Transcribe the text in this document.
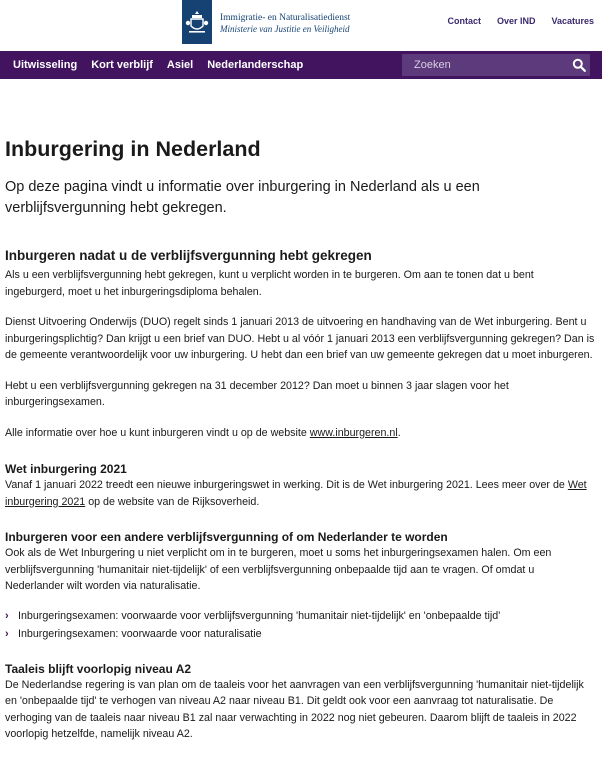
Immigratie- en Naturalisatiedienst
Ministerie van Justitie en Veiligheid
Contact Over IND Vacatures
Uitwisseling Kort verblijf Asiel Nederlanderschap
Zoeken
Inburgering in Nederland
Op deze pagina vindt u informatie over inburgering in Nederland als u een verblijfsvergunning hebt gekregen.
Inburgeren nadat u de verblijfsvergunning hebt gekregen

Als u een verblijfsvergunning hebt gekregen, kunt u verplicht worden in te burgeren. Om aan te tonen dat u bent ingeburgerd, moet u het inburgeringsdiploma behalen.

Dienst Uitvoering Onderwijs (DUO) regelt sinds 1 januari 2013 de uitvoering en handhaving van de Wet inburgering. Bent u inburgeringsplichtig? Dan krijgt u een brief van DUO. Hebt u al vóór 1 januari 2013 een verblijfsvergunning gekregen? Dan is de gemeente verantwoordelijk voor uw inburgering. U hebt dan een brief van uw gemeente gekregen dat u moet inburgeren.

Hebt u een verblijfsvergunning gekregen na 31 december 2012? Dan moet u binnen 3 jaar slagen voor het inburgeringsexamen.

Alle informatie over hoe u kunt inburgeren vindt u op de website www.inburgeren.nl.

Wet inburgering 2021

Vanaf 1 januari 2022 treedt een nieuwe inburgeringswet in werking. Dit is de Wet inburgering 2021. Lees meer over de Wet inburgering 2021 op de website van de Rijksoverheid.

Inburgeren voor een andere verblijfsvergunning of om Nederlander te worden

Ook als de Wet Inburgering u niet verplicht om in te burgeren, moet u soms het inburgeringsexamen halen. Om een verblijfsvergunning 'humanitair niet-tijdelijk' of een verblijfsvergunning onbepaalde tijd aan te vragen. Of omdat u Nederlander wilt worden via naturalisatie.

› Inburgeringsexamen: voorwaarde voor verblijfsvergunning 'humanitair niet-tijdelijk' en 'onbepaalde tijd'
› Inburgeringsexamen: voorwaarde voor naturalisatie
Taaleis blijft voorlopig niveau A2

De Nederlandse regering is van plan om de taaleis voor het aanvragen van een verblijfsvergunning 'humanitair niet-tijdelijk en 'onbepaalde tijd' te verhogen van niveau A2 naar niveau B1. Dit geldt ook voor een aanvraag tot naturalisatie. De verhoging van de taaleis naar niveau B1 zal naar verwachting in 2022 nog niet gebeuren. Daarom blijft de taaleis in 2022 voorlopig hetzelfde, namelijk niveau A2.
